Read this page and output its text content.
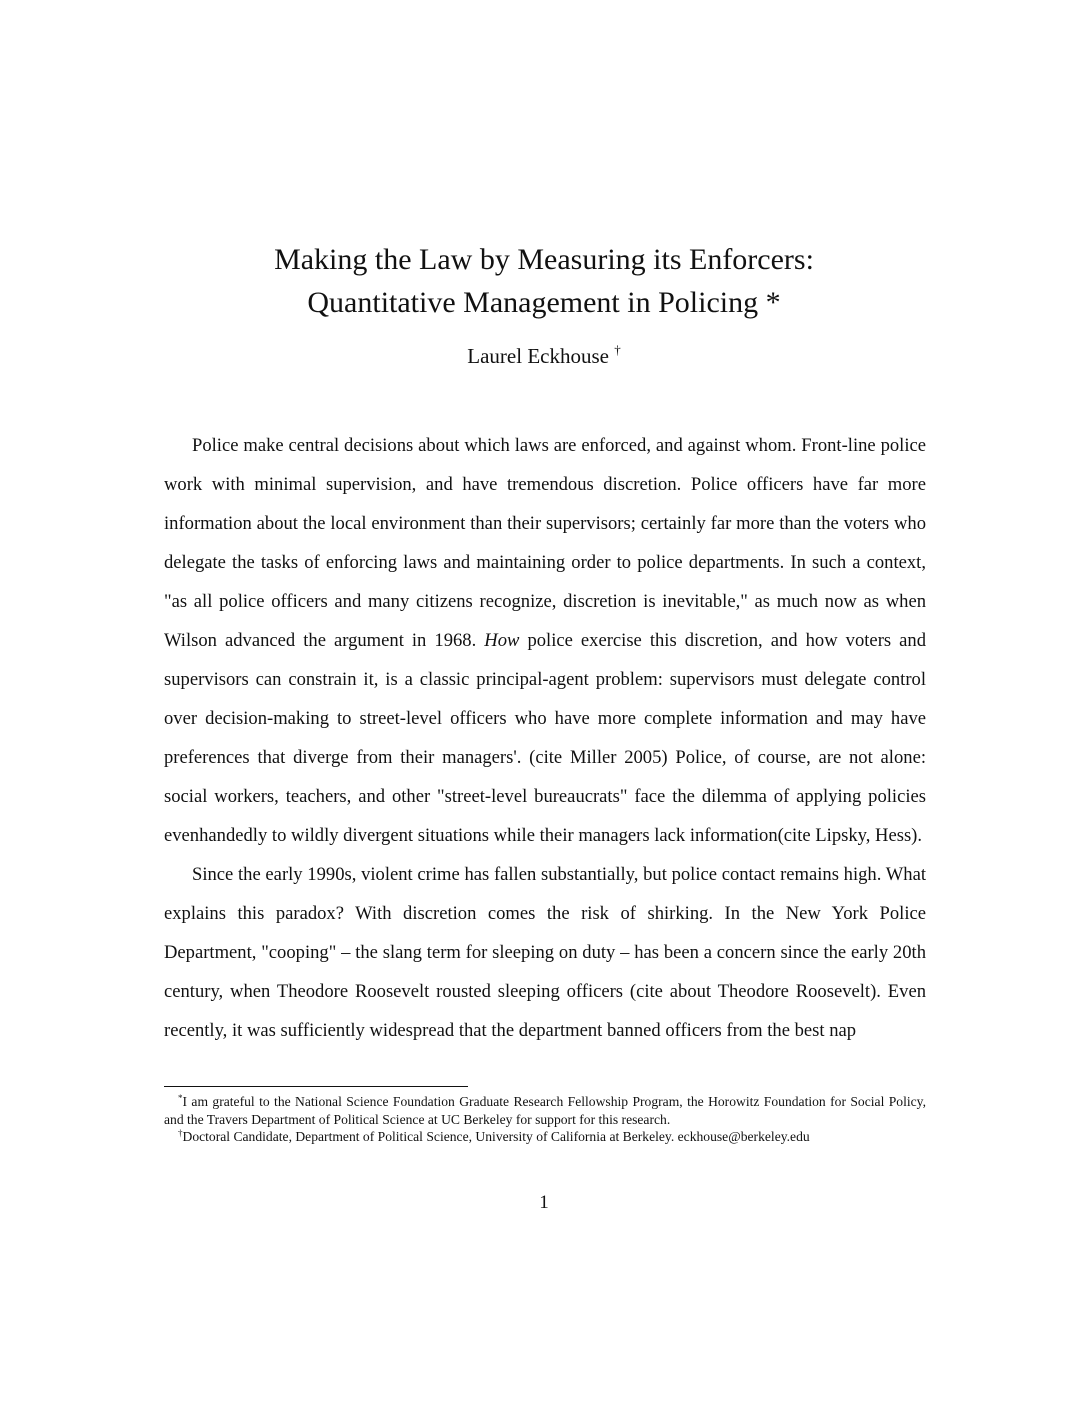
Making the Law by Measuring its Enforcers:
Quantitative Management in Policing *
Laurel Eckhouse †

Police make central decisions about which laws are enforced, and against whom. Front-line police work with minimal supervision, and have tremendous discretion. Police officers have far more information about the local environment than their supervisors; certainly far more than the voters who delegate the tasks of enforcing laws and maintaining order to police departments. In such a context, "as all police officers and many citizens recognize, discretion is inevitable," as much now as when Wilson advanced the argument in 1968. How police exercise this discretion, and how voters and supervisors can constrain it, is a classic principal-agent problem: supervisors must delegate control over decision-making to street-level officers who have more complete information and may have preferences that diverge from their managers'. (cite Miller 2005) Police, of course, are not alone: social workers, teachers, and other "street-level bureaucrats" face the dilemma of applying policies evenhandedly to wildly divergent situations while their managers lack information(cite Lipsky, Hess).

Since the early 1990s, violent crime has fallen substantially, but police contact remains high. What explains this paradox? With discretion comes the risk of shirking. In the New York Police Department, "cooping" – the slang term for sleeping on duty – has been a concern since the early 20th century, when Theodore Roosevelt rousted sleeping officers (cite about Theodore Roosevelt). Even recently, it was sufficiently widespread that the department banned officers from the best nap

*I am grateful to the National Science Foundation Graduate Research Fellowship Program, the Horowitz Foundation for Social Policy, and the Travers Department of Political Science at UC Berkeley for support for this research.

†Doctoral Candidate, Department of Political Science, University of California at Berkeley. eckhouse@berkeley.edu

1
